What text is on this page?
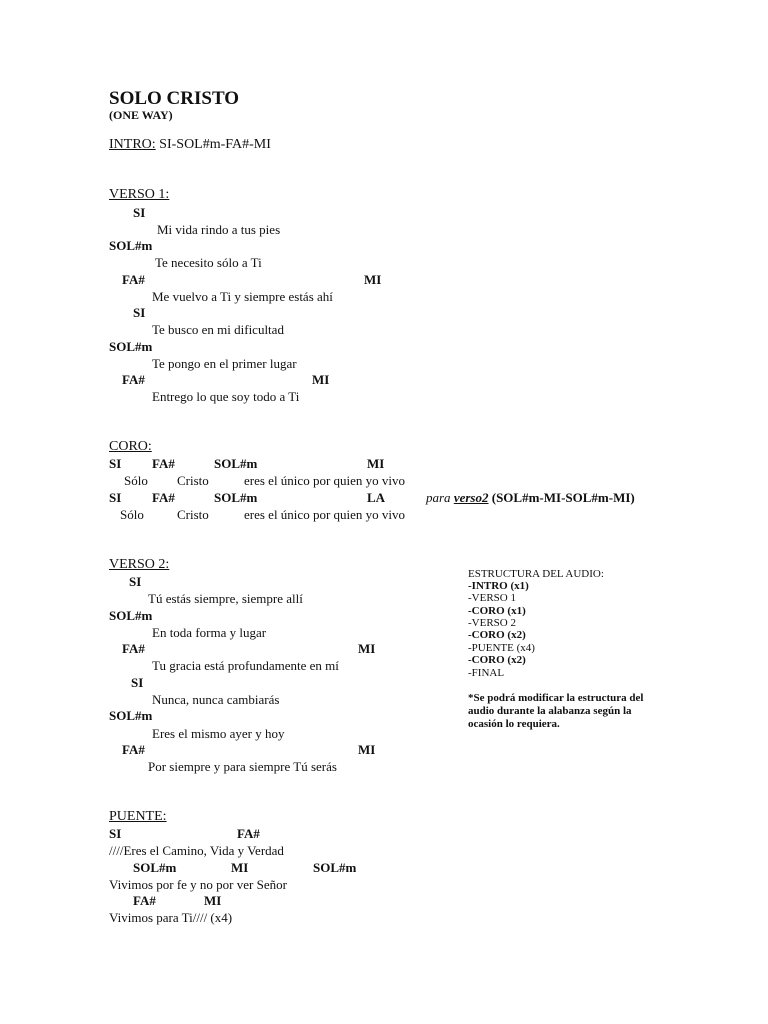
SOLO CRISTO
(ONE WAY)
INTRO: SI-SOL#m-FA#-MI
VERSO 1:
SI
Mi vida rindo a tus pies
SOL#m
Te necesito sólo a Ti
FA#	MI
Me vuelvo a Ti y siempre estás ahí
SI
Te busco en mi dificultad
SOL#m
Te pongo en el primer lugar
FA#	MI
Entrego lo que soy todo a Ti
CORO:
SI FA#	SOL#m	MI
Sólo Cristo	eres el único por quien yo vivo
SI FA#	SOL#m	LA	para verso2 (SOL#m-MI-SOL#m-MI)
Sólo	Cristo	eres el único por quien yo vivo
VERSO 2:
SI
Tú estás siempre, siempre allí
SOL#m
En toda forma y lugar
FA#	MI
Tu gracia está profundamente en mí
SI
Nunca, nunca cambiarás
SOL#m
Eres el mismo ayer y hoy
FA#	MI
Por siempre y para siempre Tú serás
PUENTE:
SI	FA#
////Eres el Camino, Vida y Verdad
SOL#m	MI	SOL#m
Vivimos por fe y no por ver Señor
FA#	MI
Vivimos para Ti//// (x4)
ESTRUCTURA DEL AUDIO:
-INTRO (x1)
-VERSO 1
-CORO (x1)
-VERSO 2
-CORO (x2)
-PUENTE (x4)
-CORO (x2)
-FINAL
*Se podrá modificar la estructura del audio durante la alabanza según la ocasión lo requiera.
